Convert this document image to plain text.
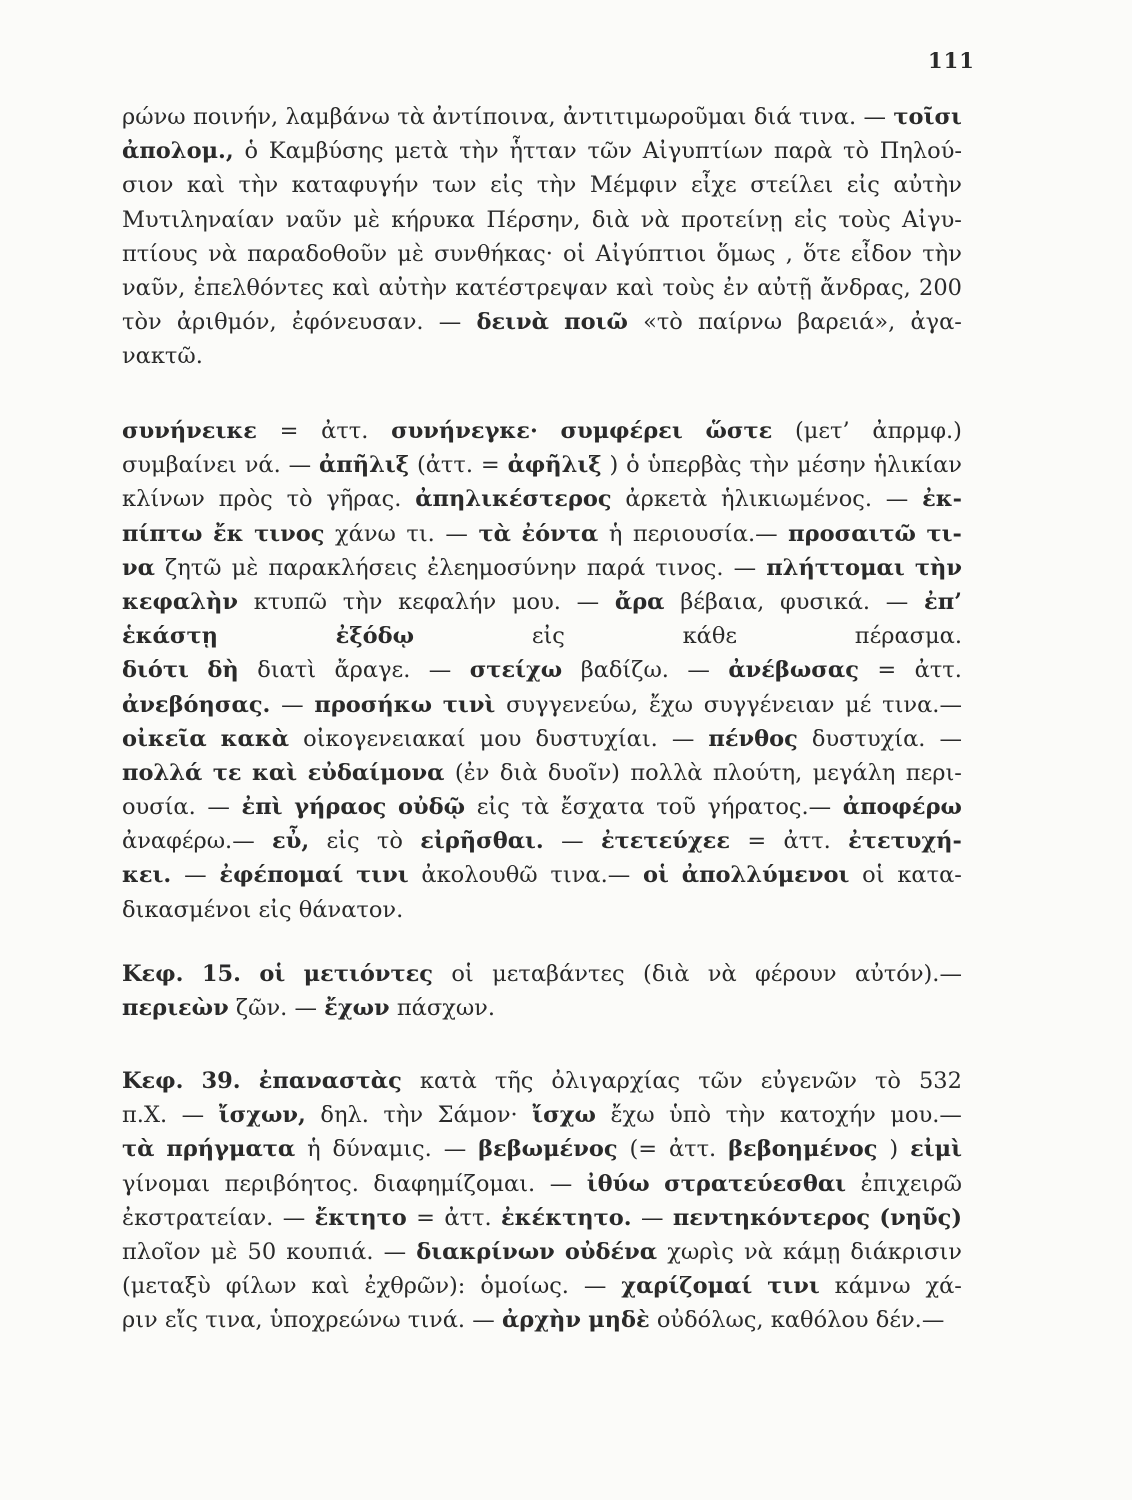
111
ρώνω ποινήν, λαμβάνω τὰ ἀντίποινα, ἀντιτιμωροῦμαι διά τινα. — τοῖσι
ἀπολομ., ὁ Καμβύσης μετὰ τὴν ἧτταν τῶν Αἰγυπτίων παρὰ τὸ Πηλού-
σιον καὶ τὴν καταφυγήν των εἰς τὴν Μέμφιν εἶχε στείλει εἰς αὐτὴν
Μυτιληναίαν ναῦν μὲ κήρυκα Πέρσην, διὰ νὰ προτείνῃ εἰς τοὺς Αἰγυ-
πτίους νὰ παραδοθοῦν μὲ συνθήκας· οἱ Αἰγύπτιοι ὅμως , ὅτε εἶδον τὴν
ναῦν, ἐπελθόντες καὶ αὐτὴν κατέστρεψαν καὶ τοὺς ἐν αὐτῇ ἄνδρας, 200
τὸν ἀριθμόν, ἐφόνευσαν. — δεινὰ ποιῶ «τὸ παίρνω βαρειά», ἀγα-
νακτῶ.
συνήνεικε = ἀττ. συνήνεγκε· συμφέρει ὥστε (μετ’ ἀπρμφ.)
συμβαίνει νά. — ἀπῆλιξ (ἀττ. = ἀφῆλιξ ) ὁ ὑπερβὰς τὴν μέσην ἡλικίαν
κλίνων πρὸς τὸ γῆρας. ἀπηλικέστερος ἀρκετὰ ἡλικιωμένος. — ἐκ-
πίπτω ἔκ τινος χάνω τι. — τὰ ἐόντα ἡ περιουσία.— προσαιτῶ τι-
να ζητῶ μὲ παρακλήσεις ἐλεημοσύνην παρά τινος. — πλήττομαι τὴν
κεφαλὴν κτυπῶ τὴν κεφαλήν μου. — ἄρα βέβαια, φυσικά. — ἐπ’
ἑκάστῃ	ἐξόδῳ	εἰς	κάθε	πέρασμα.
διότι δὴ διατὶ ἄραγε. — στείχω βαδίζω. — ἀνέβωσας = ἀττ.
ἀνεβόησας. — προσήκω τινὶ συγγενεύω, ἔχω συγγένειαν μέ τινα.—
οἰκεῖα κακὰ οἰκογενειακαί μου δυστυχίαι. — πένθος δυστυχία. —
πολλά τε καὶ εὐδαίμονα (ἐν διὰ δυοῖν) πολλὰ πλούτη, μεγάλη περι-
ουσία. — ἐπὶ γήραος οὐδῷ εἰς τὰ ἔσχατα τοῦ γήρατος.— ἀποφέρω
ἀναφέρω.— εὖ, εἰς τὸ εἰρῆσθαι. — ἐτετεύχεε = ἀττ. ἐτετυχή-
κει. — ἐφέπομαί τινι ἀκολουθῶ τινα.— οἱ ἀπολλύμενοι οἱ κατα-
δικασμένοι εἰς θάνατον.
Κεφ. 15. οἱ μετιόντες οἱ μεταβάντες (διὰ νὰ φέρουν αὐτόν).—
περιεὼν ζῶν. — ἔχων πάσχων.
Κεφ. 39. ἐπαναστὰς κατὰ τῆς ὀλιγαρχίας τῶν εὐγενῶν τὸ 532
π.Χ. — ἴσχων, δηλ. τὴν Σάμον· ἴσχω ἔχω ὑπὸ τὴν κατοχήν μου.—
τὰ πρήγματα ἡ δύναμις. — βεβωμένος (= ἀττ. βεβοημένος ) εἰμὶ
γίνομαι περιβόητος. διαφημίζομαι. — ἰθύω στρατεύεσθαι ἐπιχειρῶ
ἐκστρατείαν. — ἔκτητο = ἀττ. ἐκέκτητο. — πεντηκόντερος (νηῦς)
πλοῖον μὲ 50 κουπιά. — διακρίνων οὐδένα χωρὶς νὰ κάμῃ διάκρισιν
(μεταξὺ φίλων καὶ ἐχθρῶν): ὁμοίως. — χαρίζομαί τινι κάμνω χά-
ριν εἴς τινα, ὑποχρεώνω τινά. — ἀρχὴν μηδὲ οὐδόλως, καθόλου δέν.—
